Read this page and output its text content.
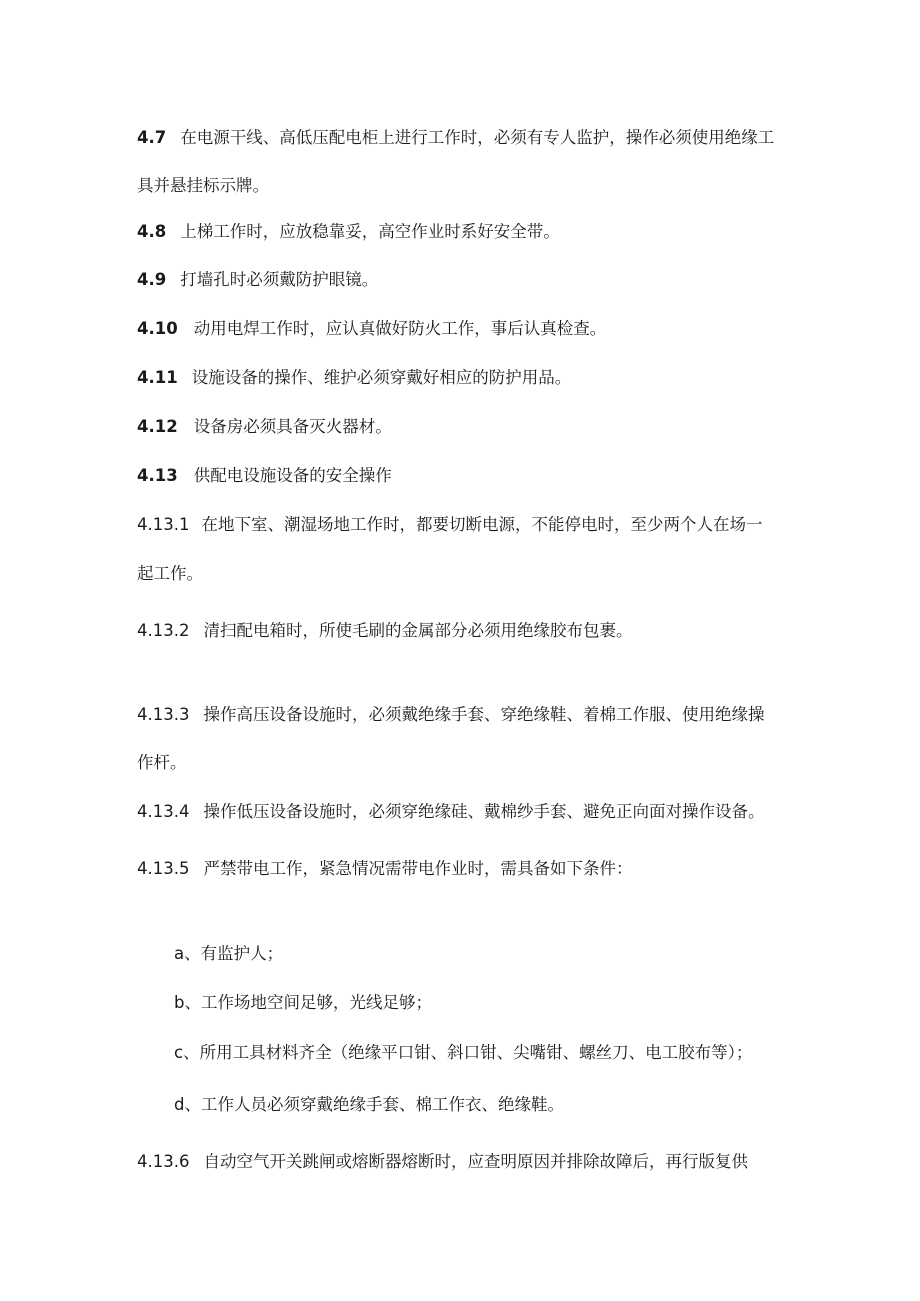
4.7 在电源干线、高低压配电柜上进行工作时，必须有专人监护，操作必须使用绝缘工
具并悬挂标示牌。
4.8 上梯工作时，应放稳靠妥，高空作业时系好安全带。
4.9 打墙孔时必须戴防护眼镜。
4.10 动用电焊工作时，应认真做好防火工作，事后认真检查。
4.11 设施设备的操作、维护必须穿戴好相应的防护用品。
4.12 设备房必须具备灭火器材。
4.13 供配电设施设备的安全操作
4.13.1 在地下室、潮湿场地工作时，都要切断电源，不能停电时，至少两个人在场一
起工作。
4.13.2 清扫配电箱时，所使毛刷的金属部分必须用绝缘胶布包裹。
4.13.3 操作高压设备设施时，必须戴绝缘手套、穿绝缘鞋、着棉工作服、使用绝缘操
作杆。
4.13.4 操作低压设备设施时，必须穿绝缘硅、戴棉纱手套、避免正向面对操作设备。
4.13.5 严禁带电工作，紧急情况需带电作业时，需具备如下条件：
a、有监护人；
b、工作场地空间足够，光线足够；
c、所用工具材料齐全（绝缘平口钳、斜口钳、尖嘴钳、螺丝刀、电工胶布等）；
d、工作人员必须穿戴绝缘手套、棉工作衣、绝缘鞋。
4.13.6 自动空气开关跳闸或熔断器熔断时，应查明原因并排除故障后，再行版复供
